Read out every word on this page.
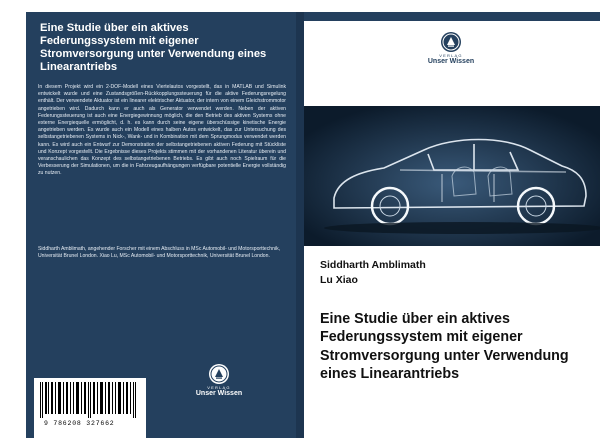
Eine Studie über ein aktives Federungssystem mit eigener Stromversorgung unter Verwendung eines Linearantriebs
In diesem Projekt wird ein 2-DOF-Modell eines Viertelautos vorgestellt, das in MATLAB und Simulink entwickelt wurde und eine Zustandsgrößen-Rückkopplungssteuerung für die aktive Federungsregelung enthält. Der verwendete Aktuator ist ein linearer elektrischer Aktuator, der intern von einem Gleichstrommotor angetrieben wird. Dadurch kann er auch als Generator verwendet werden. Neben der aktiven Federungssteuerung ist auch eine Energiegewinnung möglich, die den Betrieb des aktiven Systems ohne externe Energiequelle ermöglicht, d. h. es kann durch seine eigene überschüssige kinetische Energie angetrieben werden. Es wurde auch ein Modell eines halben Autos entwickelt, das zur Untersuchung des selbstangetriebenen Systems in Nick-, Wank- und in Kombination mit dem Sprungmodus verwendet werden kann. Es wird auch ein Entwurf zur Demonstration der selbstangetriebenen aktiven Federung mit Stückliste und Konzept vorgestellt. Die Ergebnisse dieses Projekts stimmen mit der vorhandenen Literatur überein und veranschaulichen das Konzept des selbstangetriebenen Betriebs. Es gibt auch noch Spielraum für die Verbesserung der Simulationen, um die in Fahrzeugaufhängungen verfügbare potentielle Energie vollständig zu nutzen.
Siddharth Amblimath, angehender Forscher mit einem Abschluss in MSc Automobil- und Motorsporttechnik, Universität Brunel London. Xiao Lu, MSc Automobil- und Motorsporttechnik, Universität Brunel London.
VERLAG
Unser Wissen
9 786208 327662
VERLAG
Unser Wissen
Siddharth Amblimath
Lu Xiao
Eine Studie über ein aktives Federungssystem mit eigener Stromversorgung unter Verwendung eines Linearantriebs
